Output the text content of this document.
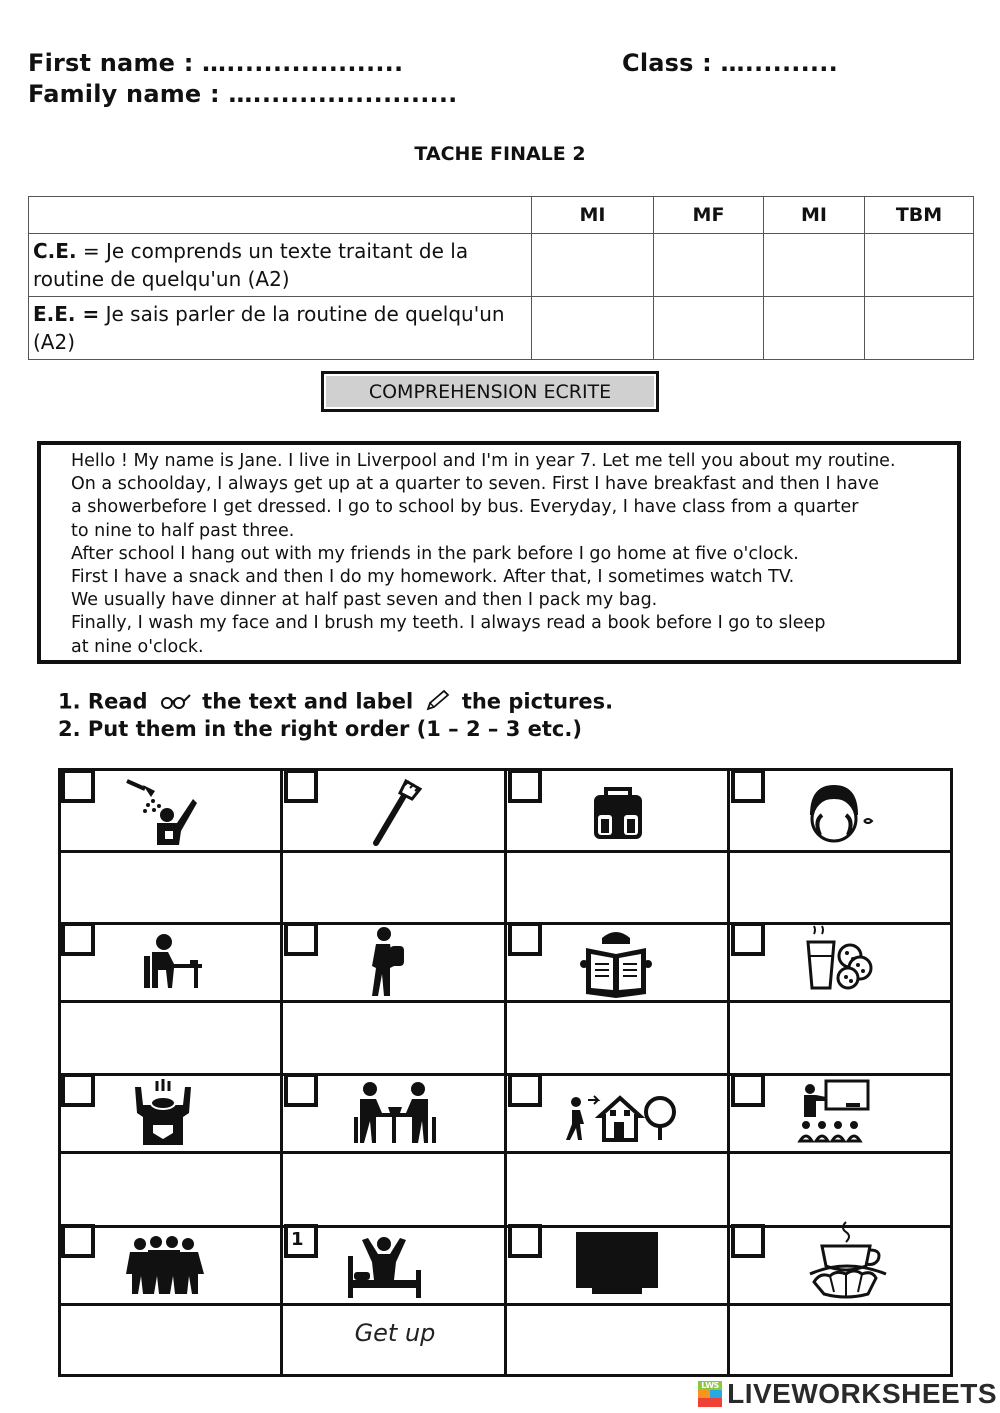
First name : …...................	Class : …..........
Family name : …......................
TACHE FINALE 2
	MI	MF	MI	TBM
C.E. = Je comprends un texte traitant de la routine de quelqu'un (A2)				
E.E. = Je sais parler de la routine de quelqu'un (A2)				
COMPREHENSION ECRITE

Hello ! My name is Jane. I live in Liverpool and I'm in year 7. Let me tell you about my routine.

On a schoolday, I always get up at a quarter to seven. First I have breakfast and then I have

a showerbefore I get dressed. I go to school by bus. Everyday, I have class from a quarter

to nine to half past three.

After school I hang out with my friends in the park before I go home at five o'clock.

First I have a snack and then I do my homework. After that, I sometimes watch TV.

We usually have dinner at half past seven and then I pack my bag.

Finally, I wash my face and I brush my teeth. I always read a book before I go to sleep

at nine o'clock.

1. Read	the text and label the pictures.
2. Put them in the right order (1 – 2 – 3 etc.)
1
Get up
LWS LIVEWORKSHEETS
